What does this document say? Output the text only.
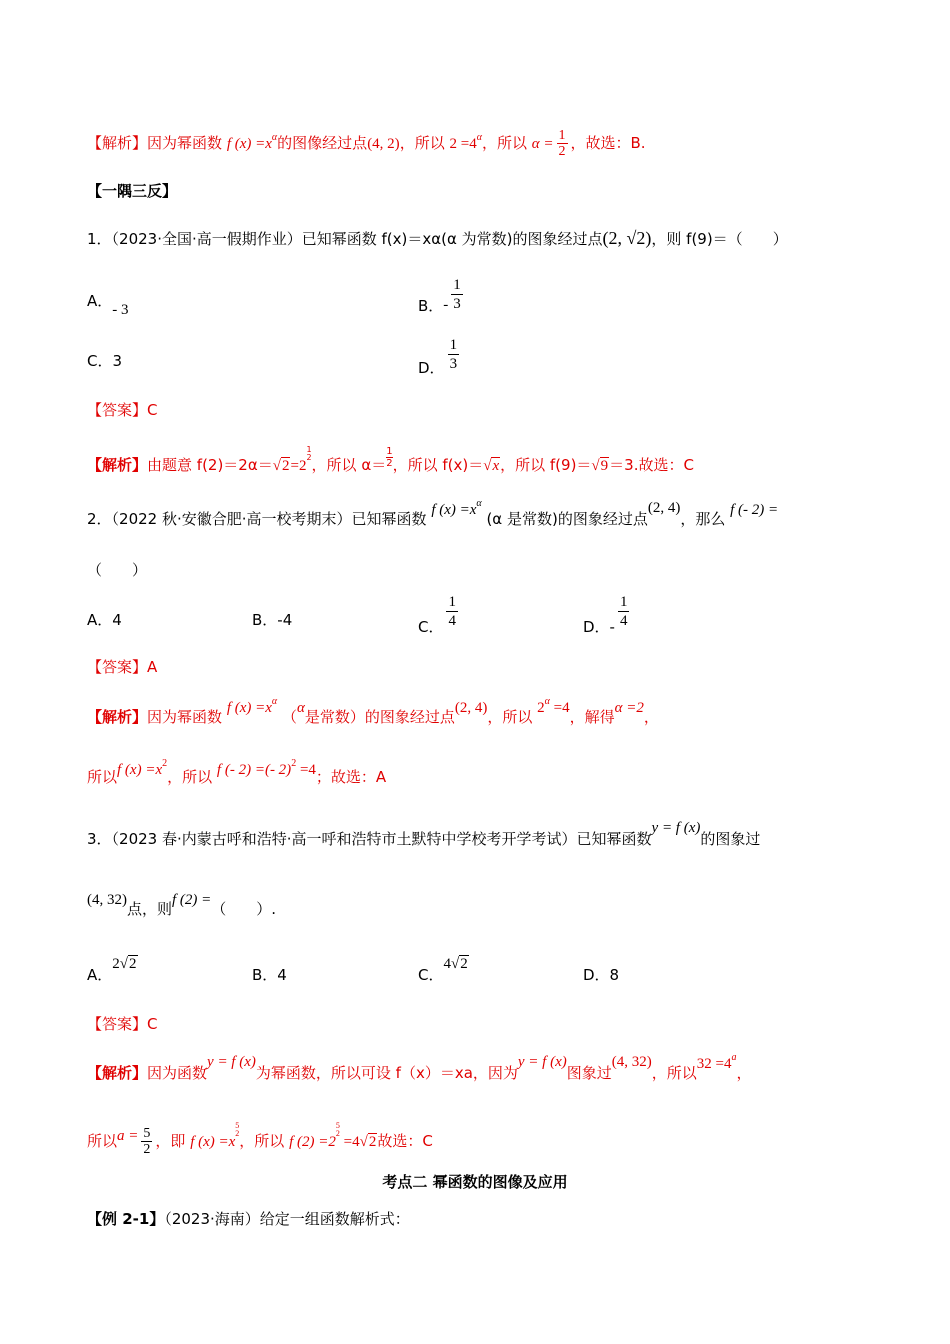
【解析】因为幂函数 f $(x) =x^\alpha$的图像经过点(4, 2)，所以 $2 =4^\alpha$，所以 $\alpha = \frac{1}{2}$ ，故选：B.
【一隅三反】
1．（2023·全国·高一假期作业）已知幂函数 f(x)＝xα(α 为常数)的图象经过点(2, √2)，则 f(9)＝（　　）
A．- 3	B．- $\frac{1}{3}$
C．3	D． $\frac{1}{3}$
【答案】C
【解析】由题意 f(2)＝2α＝√2=2
1
2 ，所以 $\alpha= \frac{1}{2}$ ，所以 f(x)＝√x，所以 f(9)＝√9＝3.故选：C
2．（2022 秋·安徽合肥·高一校考期末）已知幂函数 f $(x) =x^\alpha$ (α 是常数)的图象经过点(2, 4)，那么 f (- 2) =
（　　）
A．4	B．-4	C． $\frac{1}{4}$	D．- $\frac{1}{4}$
【答案】A
【解析】因为幂函数 f $(x) =x^\alpha$ （α是常数）的图象经过点(2, 4)，所以 $2^\alpha =4$，解得α =2，
所以f $(x) =x^2$，所以 f (- 2) =(- 2)$^2$ =4；故选：A
3．（2023 春·内蒙古呼和浩特·高一呼和浩特市土默特中学校考开学考试）已知幂函数y = f (x)的图象过
(4, 32)点，则f (2) =（　　）.
A．2√2
B．4	C．4√2
D．8
【答案】C
【解析】因为函数y = f (x)为幂函数，所以可设 f（x）＝xa，因为y = f (x)图象过(4, 32)，所以$32 =4^a$，
所以$a = \frac{5}{2}$ ，即 f (x) =x
5
2 ，所以 f (2) =2
5
2
=4√2故选：C
考点二 幂函数的图像及应用
【例 2-1】（2023·海南）给定一组函数解析式：
